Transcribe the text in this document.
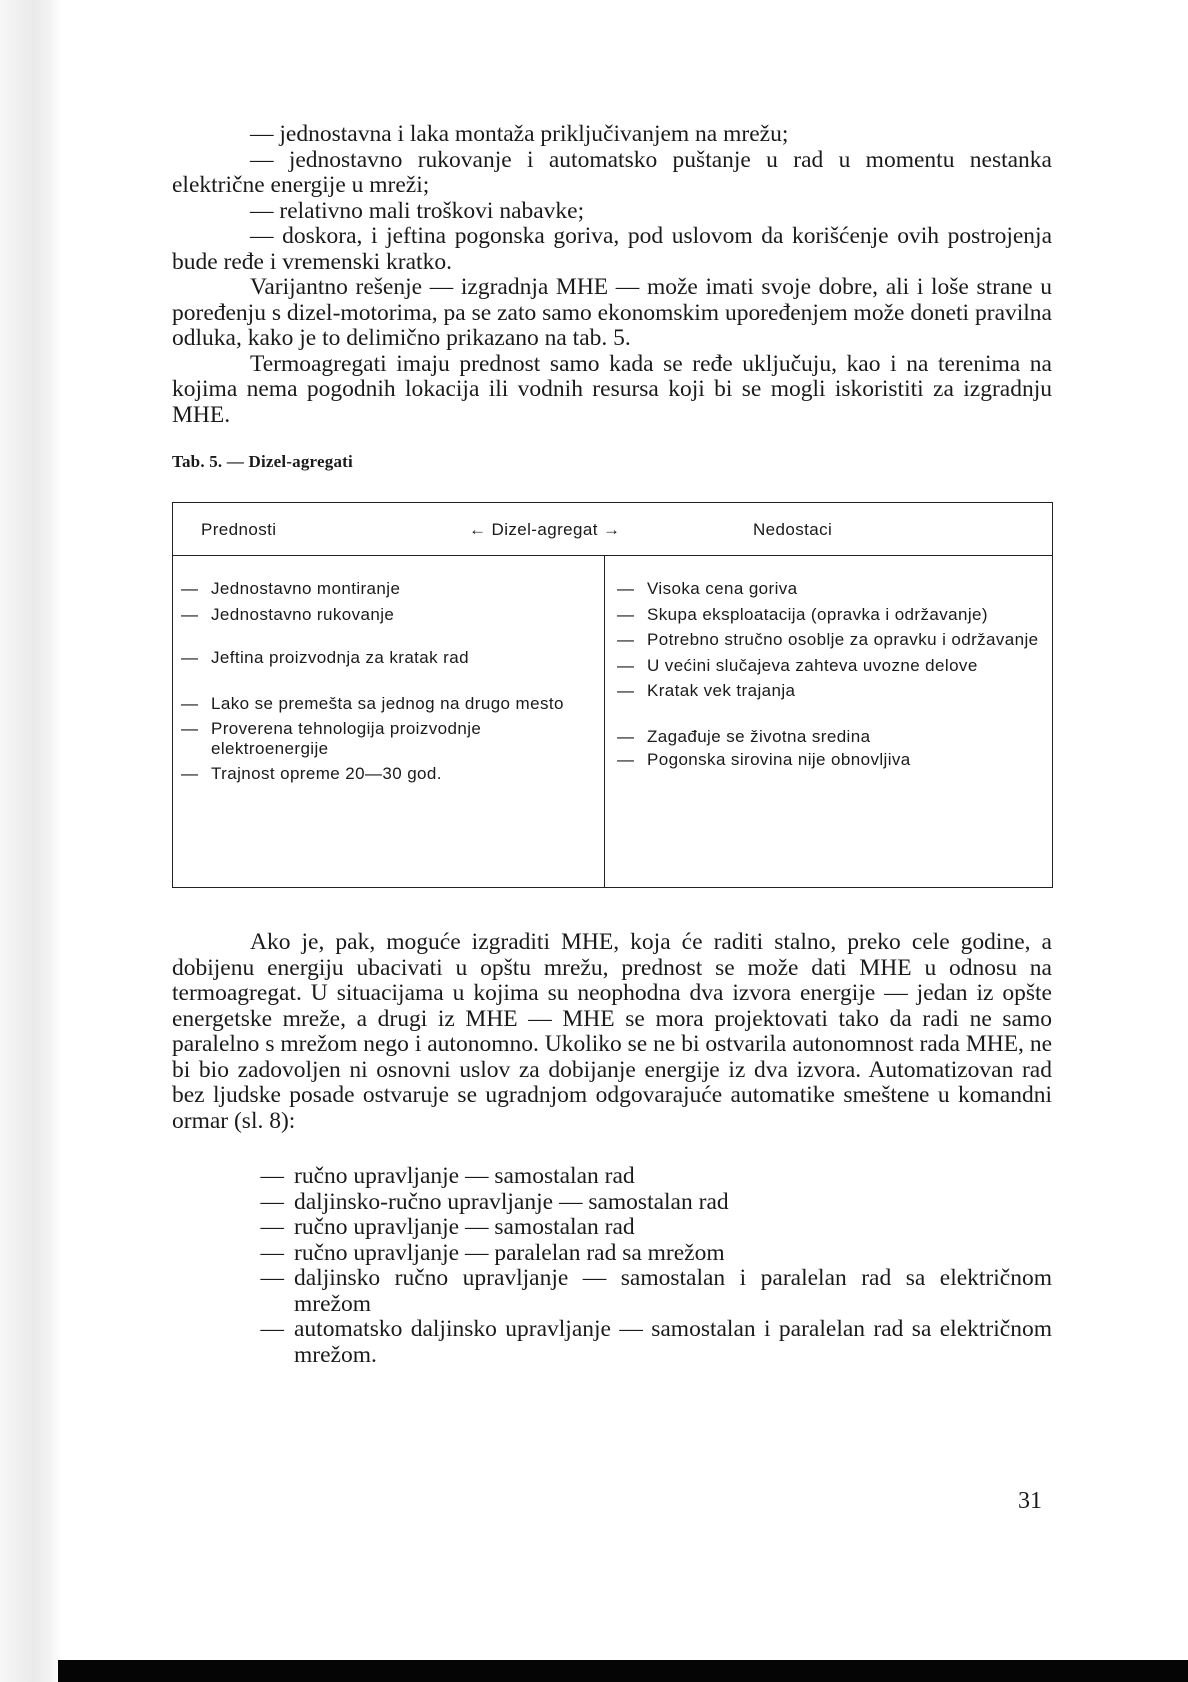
— jednostavna i laka montaža priključivanjem na mrežu;

— jednostavno rukovanje i automatsko puštanje u rad u momentu nestanka električne energije u mreži;

— relativno mali troškovi nabavke;

— doskora, i jeftina pogonska goriva, pod uslovom da korišćenje ovih postrojenja bude ređe i vremenski kratko.

Varijantno rešenje — izgradnja MHE — može imati svoje dobre, ali i loše strane u poređenju s dizel-motorima, pa se zato samo ekonomskim upoređenjem može doneti pravilna odluka, kako je to delimično prikazano na tab. 5.

Termoagregati imaju prednost samo kada se ređe uključuju, kao i na terenima na kojima nema pogodnih lokacija ili vodnih resursa koji bi se mogli iskoristiti za izgradnju MHE.

Tab. 5. — Dizel-agregati

Prednosti	← Dizel-agregat →	Nedostaci
— Jednostavno montiranje
— Jednostavno rukovanje
— Jeftina proizvodnja za kratak rad
— Lako se premešta sa jednog na drugo mesto
— Proverena tehnologija proizvodnje elektroenergije
— Trajnost opreme 20—30 god.
— Visoka cena goriva
— Skupa eksploatacija (opravka i održavanje)
— Potrebno stručno osoblje za opravku i održavanje
— U većini slučajeva zahteva uvozne delove
— Kratak vek trajanja
— Zagađuje se životna sredina
— Pogonska sirovina nije obnovljiva

Ako je, pak, moguće izgraditi MHE, koja će raditi stalno, preko cele godine, a dobijenu energiju ubacivati u opštu mrežu, prednost se može dati MHE u odnosu na termoagregat. U situacijama u kojima su neophodna dva izvora energije — jedan iz opšte energetske mreže, a drugi iz MHE — MHE se mora projektovati tako da radi ne samo paralelno s mrežom nego i autonomno. Ukoliko se ne bi ostvarila autonomnost rada MHE, ne bi bio zadovoljen ni osnovni uslov za dobijanje energije iz dva izvora. Automatizovan rad bez ljudske posade ostvaruje se ugradnjom odgovarajuće automatike smeštene u komandni ormar (sl. 8):

— ručno upravljanje — samostalan rad
— daljinsko-ručno upravljanje — samostalan rad
— ručno upravljanje — samostalan rad
— ručno upravljanje — paralelan rad sa mrežom
— daljinsko ručno upravljanje — samostalan i paralelan rad sa električnom mrežom
— automatsko daljinsko upravljanje — samostalan i paralelan rad sa električnom mrežom.
31
